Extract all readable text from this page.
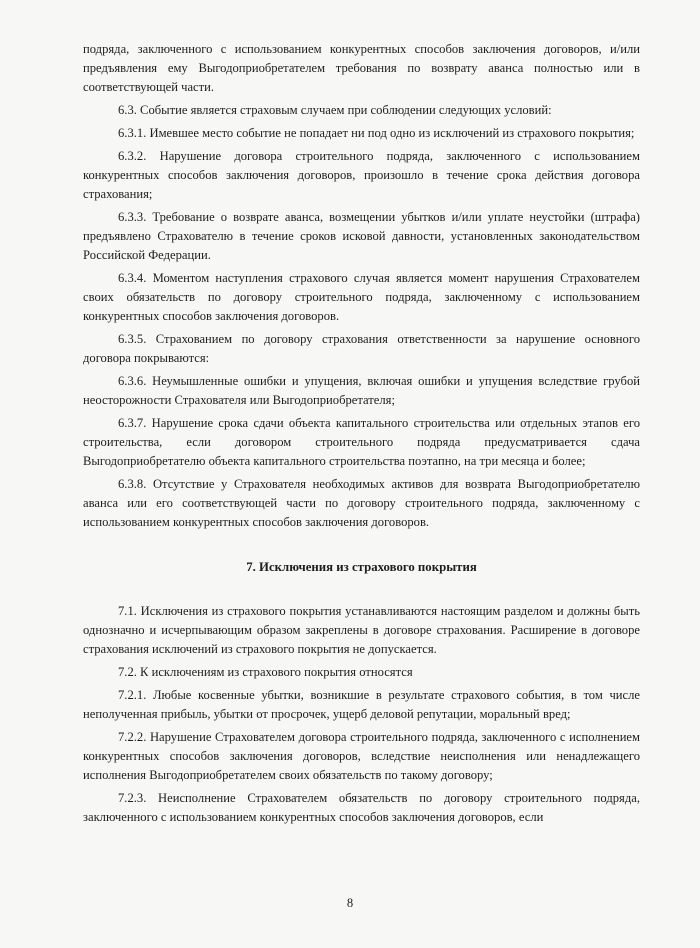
подряда, заключенного с использованием конкурентных способов заключения договоров, и/или предъявления ему Выгодоприобретателем требования по возврату аванса полностью или в соответствующей части.

6.3. Событие является страховым случаем при соблюдении следующих условий:

6.3.1. Имевшее место событие не попадает ни под одно из исключений из страхового покрытия;

6.3.2. Нарушение договора строительного подряда, заключенного с использованием конкурентных способов заключения договоров, произошло в течение срока действия договора страхования;

6.3.3. Требование о возврате аванса, возмещении убытков и/или уплате неустойки (штрафа) предъявлено Страхователю в течение сроков исковой давности, установленных законодательством Российской Федерации.

6.3.4. Моментом наступления страхового случая является момент нарушения Страхователем своих обязательств по договору строительного подряда, заключенному с использованием конкурентных способов заключения договоров.

6.3.5. Страхованием по договору страхования ответственности за нарушение основного договора покрываются:

6.3.6. Неумышленные ошибки и упущения, включая ошибки и упущения вследствие грубой неосторожности Страхователя или Выгодоприобретателя;

6.3.7. Нарушение срока сдачи объекта капитального строительства или отдельных этапов его строительства, если договором строительного подряда предусматривается сдача Выгодоприобретателю объекта капитального строительства поэтапно, на три месяца и более;

6.3.8. Отсутствие у Страхователя необходимых активов для возврата Выгодоприобретателю аванса или его соответствующей части по договору строительного подряда, заключенному с использованием конкурентных способов заключения договоров.

7. Исключения из страхового покрытия

7.1. Исключения из страхового покрытия устанавливаются настоящим разделом и должны быть однозначно и исчерпывающим образом закреплены в договоре страхования. Расширение в договоре страхования исключений из страхового покрытия не допускается.

7.2. К исключениям из страхового покрытия относятся

7.2.1. Любые косвенные убытки, возникшие в результате страхового события, в том числе неполученная прибыль, убытки от просрочек, ущерб деловой репутации, моральный вред;

7.2.2. Нарушение Страхователем договора строительного подряда, заключенного с исполнением конкурентных способов заключения договоров, вследствие неисполнения или ненадлежащего исполнения Выгодоприобретателем своих обязательств по такому договору;

7.2.3. Неисполнение Страхователем обязательств по договору строительного подряда, заключенного с использованием конкурентных способов заключения договоров, если

8
